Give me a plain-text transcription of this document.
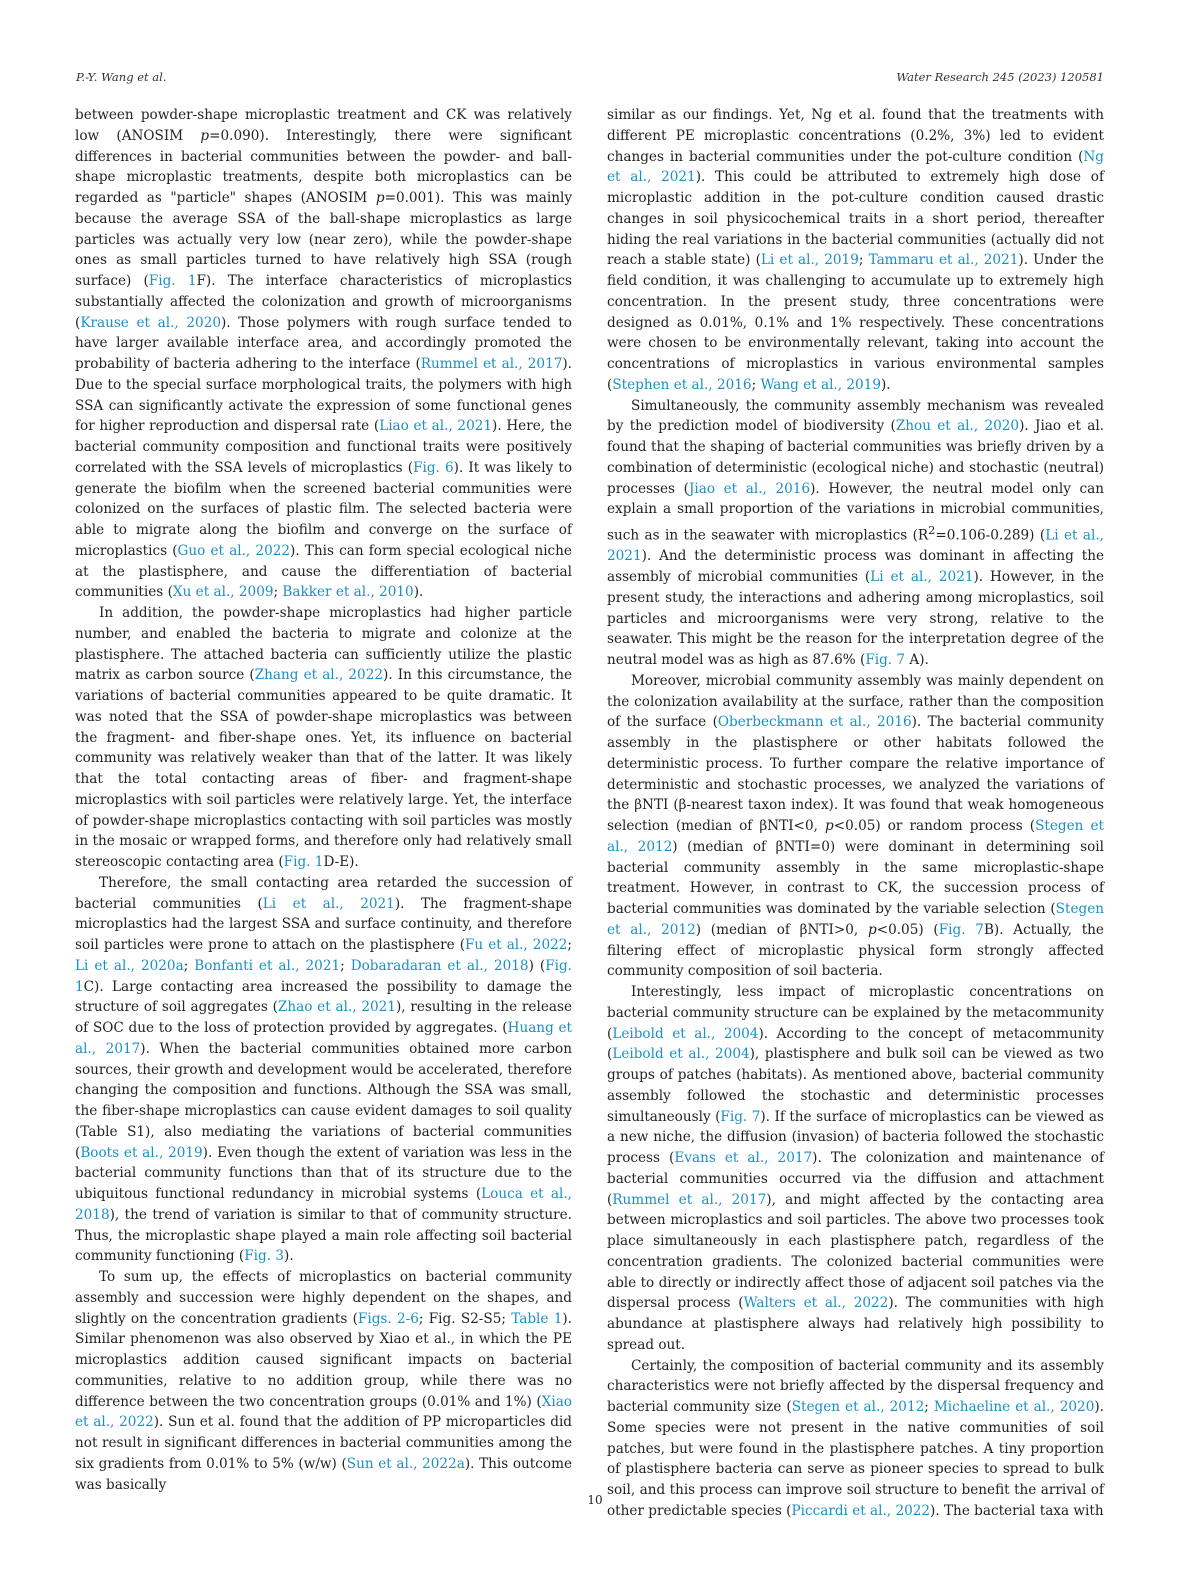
P.-Y. Wang et al.	Water Research 245 (2023) 120581

between powder-shape microplastic treatment and CK was relatively low (ANOSIM p=0.090). Interestingly, there were significant differences in bacterial communities between the powder- and ball-shape microplastic treatments, despite both microplastics can be regarded as "particle" shapes (ANOSIM p=0.001). This was mainly because the average SSA of the ball-shape microplastics as large particles was actually very low (near zero), while the powder-shape ones as small particles turned to have relatively high SSA (rough surface) (Fig. 1F). The interface characteristics of microplastics substantially affected the colonization and growth of microorganisms (Krause et al., 2020). Those polymers with rough surface tended to have larger available interface area, and accordingly promoted the probability of bacteria adhering to the interface (Rummel et al., 2017). Due to the special surface morphological traits, the polymers with high SSA can significantly activate the expression of some functional genes for higher reproduction and dispersal rate (Liao et al., 2021). Here, the bacterial community composition and functional traits were positively correlated with the SSA levels of microplastics (Fig. 6). It was likely to generate the biofilm when the screened bacterial communities were colonized on the surfaces of plastic film. The selected bacteria were able to migrate along the biofilm and converge on the surface of microplastics (Guo et al., 2022). This can form special ecological niche at the plastisphere, and cause the differentiation of bacterial communities (Xu et al., 2009; Bakker et al., 2010).

In addition, the powder-shape microplastics had higher particle number, and enabled the bacteria to migrate and colonize at the plastisphere. The attached bacteria can sufficiently utilize the plastic matrix as carbon source (Zhang et al., 2022). In this circumstance, the variations of bacterial communities appeared to be quite dramatic. It was noted that the SSA of powder-shape microplastics was between the fragment- and fiber-shape ones. Yet, its influence on bacterial community was relatively weaker than that of the latter. It was likely that the total contacting areas of fiber- and fragment-shape microplastics with soil particles were relatively large. Yet, the interface of powder-shape microplastics contacting with soil particles was mostly in the mosaic or wrapped forms, and therefore only had relatively small stereoscopic contacting area (Fig. 1D-E).

Therefore, the small contacting area retarded the succession of bacterial communities (Li et al., 2021). The fragment-shape microplastics had the largest SSA and surface continuity, and therefore soil particles were prone to attach on the plastisphere (Fu et al., 2022; Li et al., 2020a; Bonfanti et al., 2021; Dobaradaran et al., 2018) (Fig. 1C). Large contacting area increased the possibility to damage the structure of soil aggregates (Zhao et al., 2021), resulting in the release of SOC due to the loss of protection provided by aggregates. (Huang et al., 2017). When the bacterial communities obtained more carbon sources, their growth and development would be accelerated, therefore changing the composition and functions. Although the SSA was small, the fiber-shape microplastics can cause evident damages to soil quality (Table S1), also mediating the variations of bacterial communities (Boots et al., 2019). Even though the extent of variation was less in the bacterial community functions than that of its structure due to the ubiquitous functional redundancy in microbial systems (Louca et al., 2018), the trend of variation is similar to that of community structure. Thus, the microplastic shape played a main role affecting soil bacterial community functioning (Fig. 3).

To sum up, the effects of microplastics on bacterial community assembly and succession were highly dependent on the shapes, and slightly on the concentration gradients (Figs. 2-6; Fig. S2-S5; Table 1). Similar phenomenon was also observed by Xiao et al., in which the PE microplastics addition caused significant impacts on bacterial communities, relative to no addition group, while there was no difference between the two concentration groups (0.01% and 1%) (Xiao et al., 2022). Sun et al. found that the addition of PP microparticles did not result in significant differences in bacterial communities among the six gradients from 0.01% to 5% (w/w) (Sun et al., 2022a). This outcome was basically

similar as our findings. Yet, Ng et al. found that the treatments with different PE microplastic concentrations (0.2%, 3%) led to evident changes in bacterial communities under the pot-culture condition (Ng et al., 2021). This could be attributed to extremely high dose of microplastic addition in the pot-culture condition caused drastic changes in soil physicochemical traits in a short period, thereafter hiding the real variations in the bacterial communities (actually did not reach a stable state) (Li et al., 2019; Tammaru et al., 2021). Under the field condition, it was challenging to accumulate up to extremely high concentration. In the present study, three concentrations were designed as 0.01%, 0.1% and 1% respectively. These concentrations were chosen to be environmentally relevant, taking into account the concentrations of microplastics in various environmental samples (Stephen et al., 2016; Wang et al., 2019).

Simultaneously, the community assembly mechanism was revealed by the prediction model of biodiversity (Zhou et al., 2020). Jiao et al. found that the shaping of bacterial communities was briefly driven by a combination of deterministic (ecological niche) and stochastic (neutral) processes (Jiao et al., 2016). However, the neutral model only can explain a small proportion of the variations in microbial communities, such as in the seawater with microplastics $(R^2=0.106-0.289)$ (Li et al., 2021). And the deterministic process was dominant in affecting the assembly of microbial communities (Li et al., 2021). However, in the present study, the interactions and adhering among microplastics, soil particles and microorganisms were very strong, relative to the seawater. This might be the reason for the interpretation degree of the neutral model was as high as 87.6% (Fig. 7 A).

Moreover, microbial community assembly was mainly dependent on the colonization availability at the surface, rather than the composition of the surface (Oberbeckmann et al., 2016). The bacterial community assembly in the plastisphere or other habitats followed the deterministic process. To further compare the relative importance of deterministic and stochastic processes, we analyzed the variations of the βNTI (β-nearest taxon index). It was found that weak homogeneous selection (median of βNTI<0, p<0.05) or random process (Stegen et al., 2012) (median of βNTI=0) were dominant in determining soil bacterial community assembly in the same microplastic-shape treatment. However, in contrast to CK, the succession process of bacterial communities was dominated by the variable selection (Stegen et al., 2012) (median of βNTI>0, p<0.05) (Fig. 7B). Actually, the filtering effect of microplastic physical form strongly affected community composition of soil bacteria.

Interestingly, less impact of microplastic concentrations on bacterial community structure can be explained by the metacommunity (Leibold et al., 2004). According to the concept of metacommunity (Leibold et al., 2004), plastisphere and bulk soil can be viewed as two groups of patches (habitats). As mentioned above, bacterial community assembly followed the stochastic and deterministic processes simultaneously (Fig. 7). If the surface of microplastics can be viewed as a new niche, the diffusion (invasion) of bacteria followed the stochastic process (Evans et al., 2017). The colonization and maintenance of bacterial communities occurred via the diffusion and attachment (Rummel et al., 2017), and might affected by the contacting area between microplastics and soil particles. The above two processes took place simultaneously in each plastisphere patch, regardless of the concentration gradients. The colonized bacterial communities were able to directly or indirectly affect those of adjacent soil patches via the dispersal process (Walters et al., 2022). The communities with high abundance at plastisphere always had relatively high possibility to spread out.

Certainly, the composition of bacterial community and its assembly characteristics were not briefly affected by the dispersal frequency and bacterial community size (Stegen et al., 2012; Michaeline et al., 2020). Some species were not present in the native communities of soil patches, but were found in the plastisphere patches. A tiny proportion of plastisphere bacteria can serve as pioneer species to spread to bulk soil, and this process can improve soil structure to benefit the arrival of other predictable species (Piccardi et al., 2022). The bacterial taxa with

10
